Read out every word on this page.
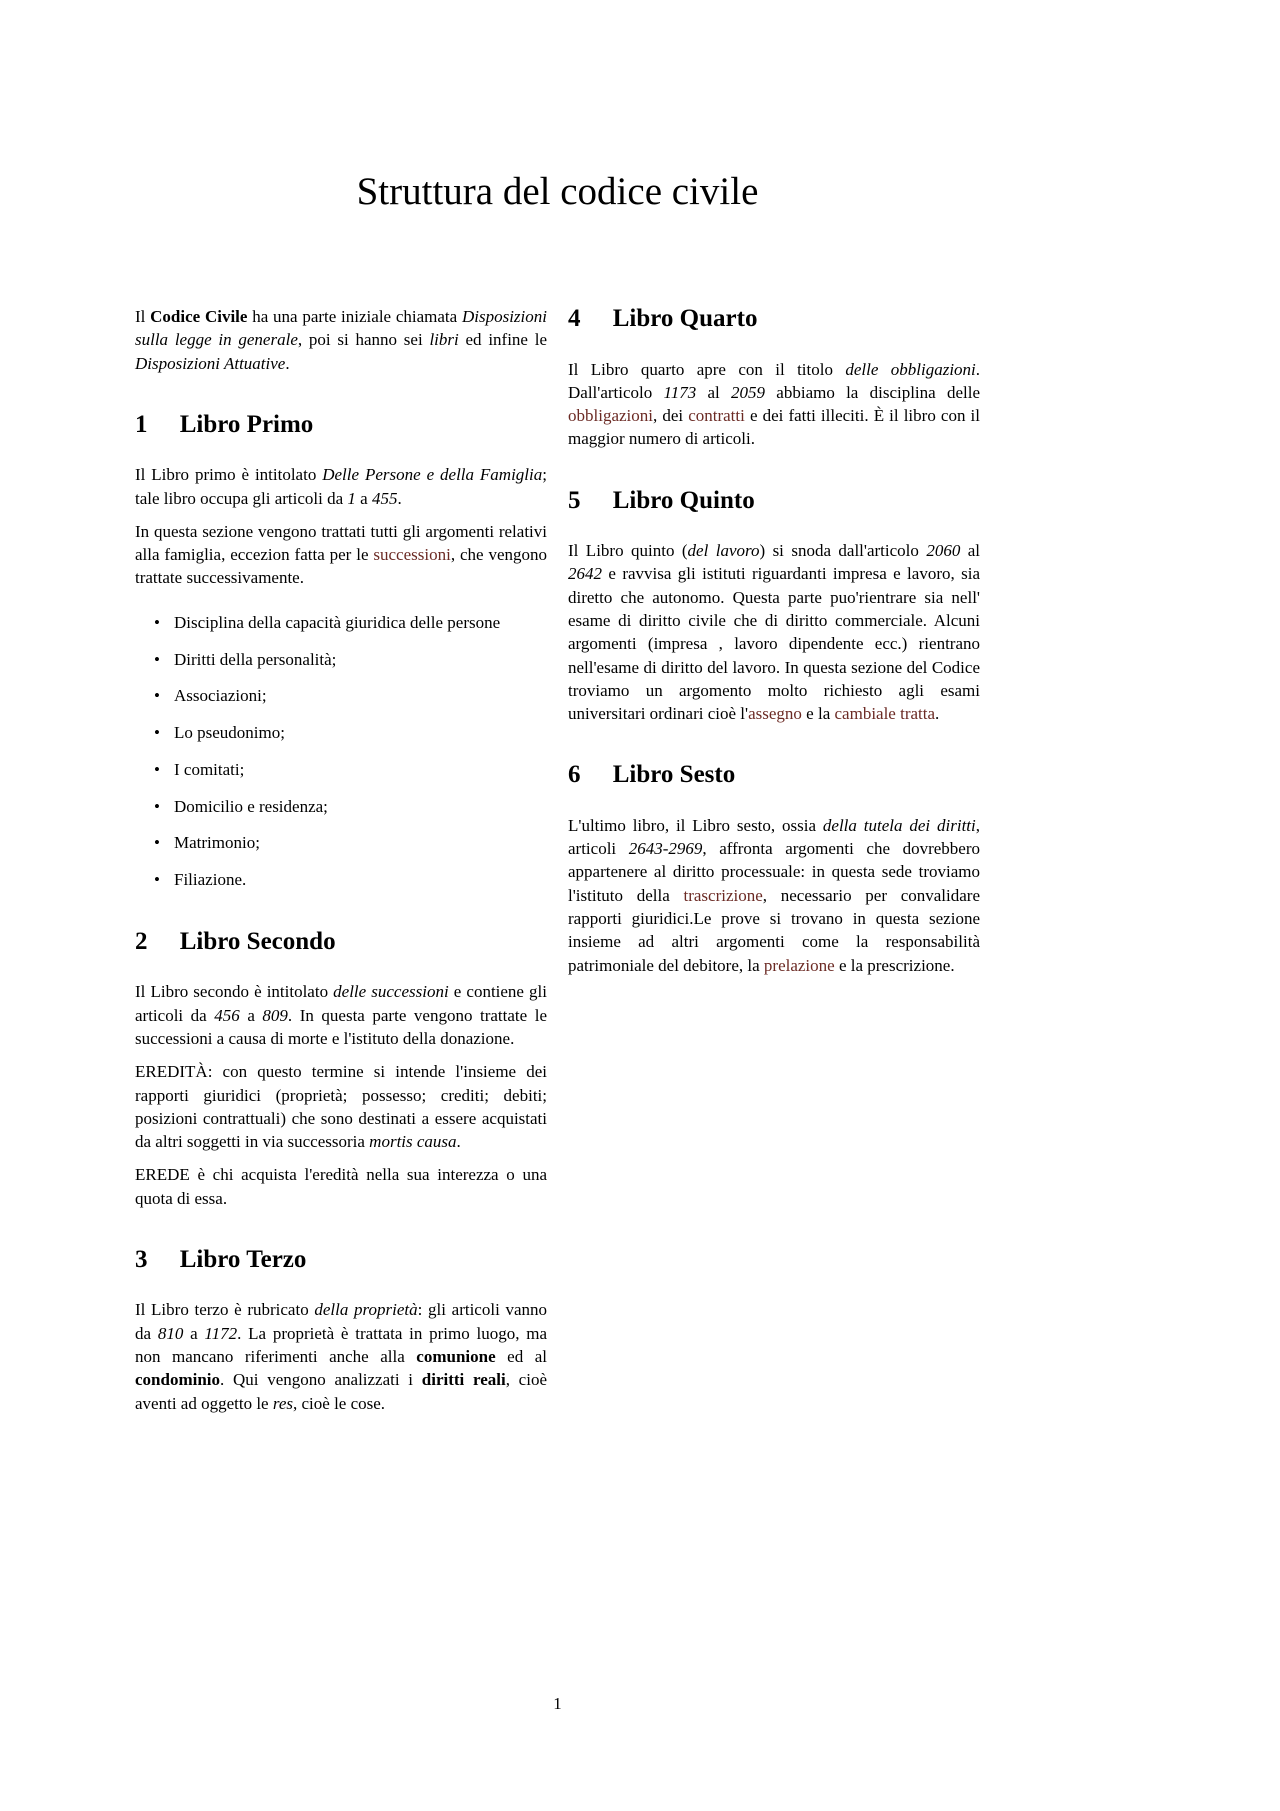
Struttura del codice civile

Il Codice Civile ha una parte iniziale chiamata Disposizioni sulla legge in generale, poi si hanno sei libri ed infine le Disposizioni Attuative.

1 Libro Primo

Il Libro primo è intitolato Delle Persone e della Famiglia; tale libro occupa gli articoli da 1 a 455.

In questa sezione vengono trattati tutti gli argomenti relativi alla famiglia, eccezion fatta per le successioni, che vengono trattate successivamente.

• Disciplina della capacità giuridica delle persone
• Diritti della personalità;
• Associazioni;
• Lo pseudonimo;
• I comitati;
• Domicilio e residenza;
• Matrimonio;
• Filiazione.
2 Libro Secondo

Il Libro secondo è intitolato delle successioni e contiene gli articoli da 456 a 809. In questa parte vengono trattate le successioni a causa di morte e l'istituto della donazione.

EREDITÀ: con questo termine si intende l'insieme dei rapporti giuridici (proprietà; possesso; crediti; debiti; posizioni contrattuali) che sono destinati a essere acquistati da altri soggetti in via successoria mortis causa.

EREDE è chi acquista l'eredità nella sua interezza o una quota di essa.

3 Libro Terzo

Il Libro terzo è rubricato della proprietà: gli articoli vanno da 810 a 1172. La proprietà è trattata in primo luogo, ma non mancano riferimenti anche alla comunione ed al condominio. Qui vengono analizzati i diritti reali, cioè aventi ad oggetto le res, cioè le cose.

4 Libro Quarto

Il Libro quarto apre con il titolo delle obbligazioni. Dall'articolo 1173 al 2059 abbiamo la disciplina delle obbligazioni, dei contratti e dei fatti illeciti. È il libro con il maggior numero di articoli.

5 Libro Quinto

Il Libro quinto (del lavoro) si snoda dall'articolo 2060 al 2642 e ravvisa gli istituti riguardanti impresa e lavoro, sia diretto che autonomo. Questa parte puo'rientrare sia nell' esame di diritto civile che di diritto commerciale. Alcuni argomenti (impresa , lavoro dipendente ecc.) rientrano nell'esame di diritto del lavoro. In questa sezione del Codice troviamo un argomento molto richiesto agli esami universitari ordinari cioè l'assegno e la cambiale tratta.

6 Libro Sesto

L'ultimo libro, il Libro sesto, ossia della tutela dei diritti, articoli 2643-2969, affronta argomenti che dovrebbero appartenere al diritto processuale: in questa sede troviamo l'istituto della trascrizione, necessario per convalidare rapporti giuridici.Le prove si trovano in questa sezione insieme ad altri argomenti come la responsabilità patrimoniale del debitore, la prelazione e la prescrizione.

1
